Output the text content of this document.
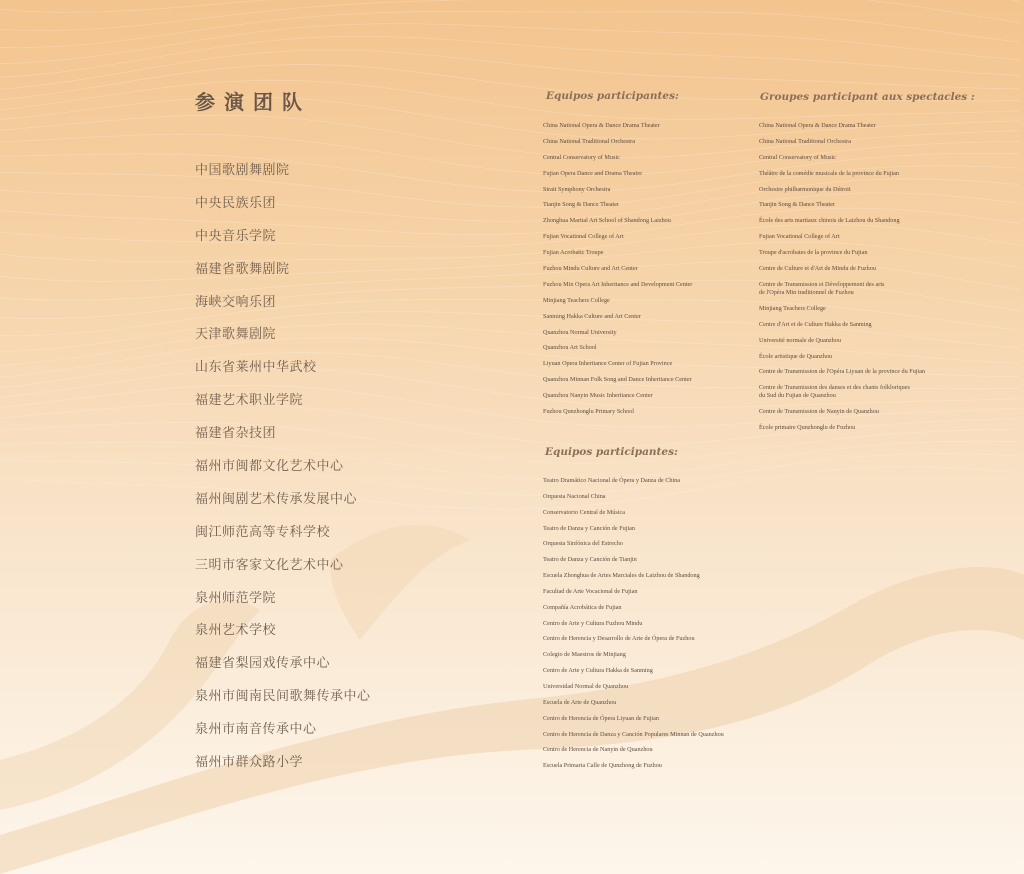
参演团队
中国歌剧舞剧院
中央民族乐团
中央音乐学院
福建省歌舞剧院
海峡交响乐团
天津歌舞剧院
山东省莱州中华武校
福建艺术职业学院
福建省杂技团
福州市闽都文化艺术中心
福州闽剧艺术传承发展中心
闽江师范高等专科学校
三明市客家文化艺术中心
泉州师范学院
泉州艺术学校
福建省梨园戏传承中心
泉州市闽南民间歌舞传承中心
泉州市南音传承中心
福州市群众路小学
Equipos participantes:
China National Opera & Dance Drama Theater
China National Traditional Orchestra
Central Conservatory of Music
Fujian Opera Dance and Drama Theatre
Strait Symphony Orchestra
Tianjin Song & Dance Theater
Zhonghua Martial Art School of Shandong Laizhou
Fujian Vocational College of Art
Fujian Acrobatic Troupe
Fuzhou Mindu Culture and Art Center
Fuzhou Min Opera Art Inheritance and Development Center
Minjiang Teachers College
Sanming Hakka Culture and Art Center
Quanzhou Normal University
Quanzhou Art School
Liyuan Opera Inheritance Center of Fujian Province
Quanzhou Minnan Folk Song and Dance Inheritance Center
Quanzhou Nanyin Music Inheritance Center
Fuzhou Qunzhonglu Primary School
Equipos participantes:
Teatro Dramático Nacional de Ópera y Danza de China
Orquesta Nacional China
Conservatorio Central de Música
Teatro de Danza y Canción de Fujian
Orquesta Sinfónica del Estrecho
Teatro de Danza y Canción de Tianjin
Escuela Zhonghua de Artes Marciales de Laizhou de Shandong
Facultad de Arte Vocacional de Fujian
Compañía Acrobática de Fujian
Centro de Arte y Cultura Fuzhou Mindu
Centro de Herencia y Desarrollo de Arte de Ópera de Fuzhou
Colegio de Maestros de Minjiang
Centro de Arte y Cultura Hakka de Sanming
Universidad Normal de Quanzhou
Escuela de Arte de Quanzhou
Centro de Herencia de Ópera Liyuan de Fujian
Centro de Herencia de Danza y Canción Populares Minnan de Quanzhou
Centro de Herencia de Nanyin de Quanzhou
Escuela Primaria Calle de Qunzhong de Fuzhou
Groupes participant aux spectacles :
China National Opera & Dance Drama Theater
China National Traditional Orchestra
Central Conservatory of Music
Théâtre de la comédie musicale de la province du Fujian
Orchestre philharmonique du Détroit
Tianjin Song & Dance Theater
École des arts martiaux chinois de Laizhou du Shandong
Fujian Vocational College of Art
Troupe d'acrobates de la province du Fujian
Centre de Culture et d'Art de Mindu de Fuzhou
Centre de Transmission et Développement des arts
de l'Opéra Min traditionnel de Fuzhou
Minjiang Teachers College
Centre d'Art et de Culture Hakka de Sanming
Université normale de Quanzhou
École artistique de Quanzhou
Centre de Transmission de l'Opéra Liyuan de la province du Fujian
Centre de Transmission des danses et des chants folkloriques
du Sud du Fujian de Quanzhou
Centre de Transmission de Nanyin de Quanzhou
École primaire Qunzhonglu de Fuzhou
